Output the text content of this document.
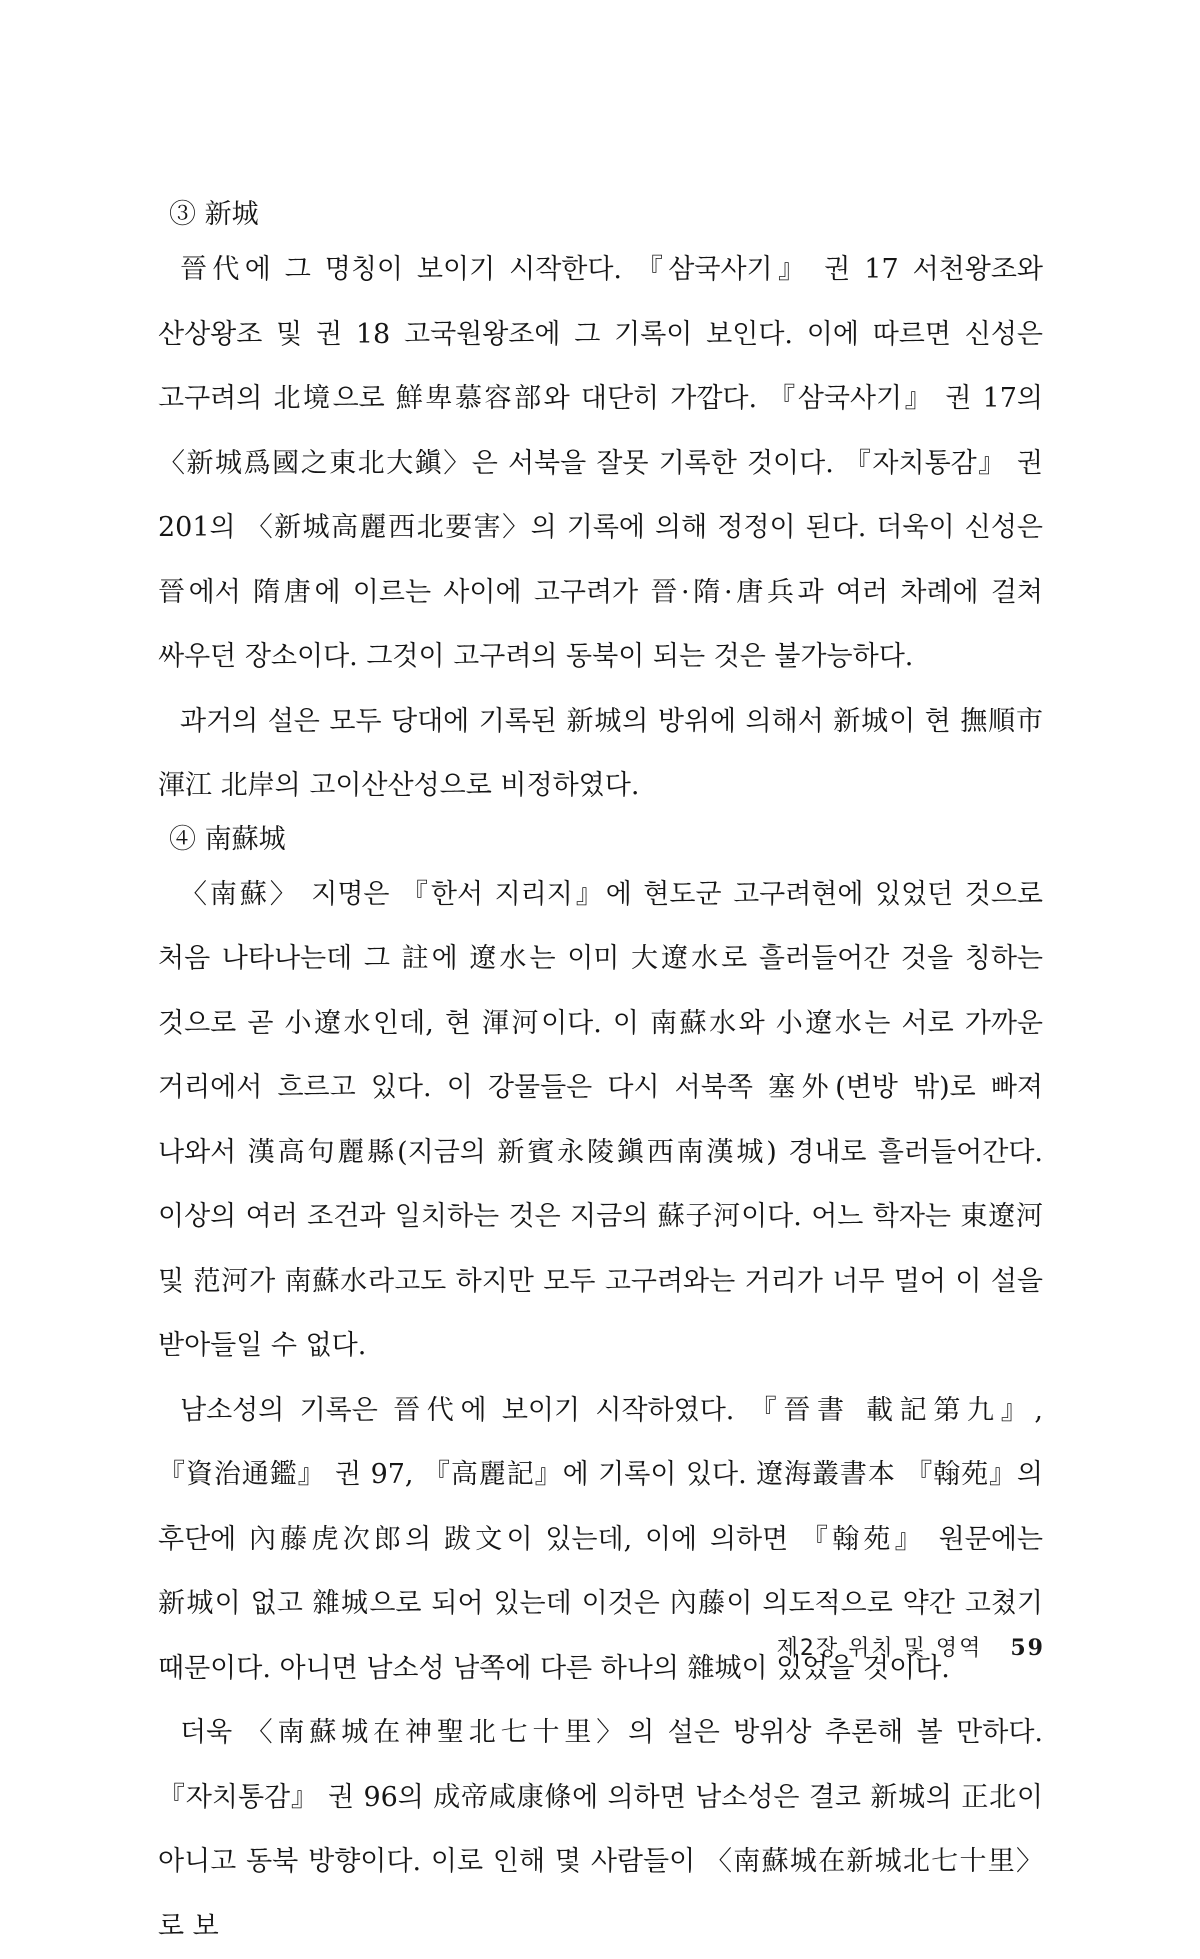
③ 新城

晉代에 그 명칭이 보이기 시작한다. 『삼국사기』 권 17 서천왕조와 산상왕조 및 권 18 고국원왕조에 그 기록이 보인다. 이에 따르면 신성은 고구려의 北境으로 鮮卑慕容部와 대단히 가깝다. 『삼국사기』 권 17의 〈新城爲國之東北大鎭〉은 서북을 잘못 기록한 것이다. 『자치통감』 권 201의 〈新城高麗西北要害〉의 기록에 의해 정정이 된다. 더욱이 신성은 晉에서 隋唐에 이르는 사이에 고구려가 晉·隋·唐兵과 여러 차례에 걸쳐 싸우던 장소이다. 그것이 고구려의 동북이 되는 것은 불가능하다.

과거의 설은 모두 당대에 기록된 新城의 방위에 의해서 新城이 현 撫順市 渾江 北岸의 고이산산성으로 비정하였다.

④ 南蘇城

〈南蘇〉 지명은 『한서 지리지』에 현도군 고구려현에 있었던 것으로 처음 나타나는데 그 註에 遼水는 이미 大遼水로 흘러들어간 것을 칭하는 것으로 곧 小遼水인데, 현 渾河이다. 이 南蘇水와 小遼水는 서로 가까운 거리에서 흐르고 있다. 이 강물들은 다시 서북쪽 塞外(변방 밖)로 빠져 나와서 漢高句麗縣(지금의 新賓永陵鎭西南漢城) 경내로 흘러들어간다. 이상의 여러 조건과 일치하는 것은 지금의 蘇子河이다. 어느 학자는 東遼河 및 范河가 南蘇水라고도 하지만 모두 고구려와는 거리가 너무 멀어 이 설을 받아들일 수 없다.

남소성의 기록은 晉代에 보이기 시작하였다. 『晉書 載記第九』, 『資治通鑑』 권 97, 『高麗記』에 기록이 있다. 遼海叢書本 『翰苑』의 후단에 內藤虎次郎의 跋文이 있는데, 이에 의하면 『翰苑』 원문에는 新城이 없고 雜城으로 되어 있는데 이것은 內藤이 의도적으로 약간 고쳤기 때문이다. 아니면 남소성 남쪽에 다른 하나의 雜城이 있었을 것이다.

더욱 〈南蘇城在神聖北七十里〉의 설은 방위상 추론해 볼 만하다. 『자치통감』 권 96의 成帝咸康條에 의하면 남소성은 결코 新城의 正北이 아니고 동북 방향이다. 이로 인해 몇 사람들이 〈南蘇城在新城北七十里〉로 보

제2장 위치 및 영역 59
